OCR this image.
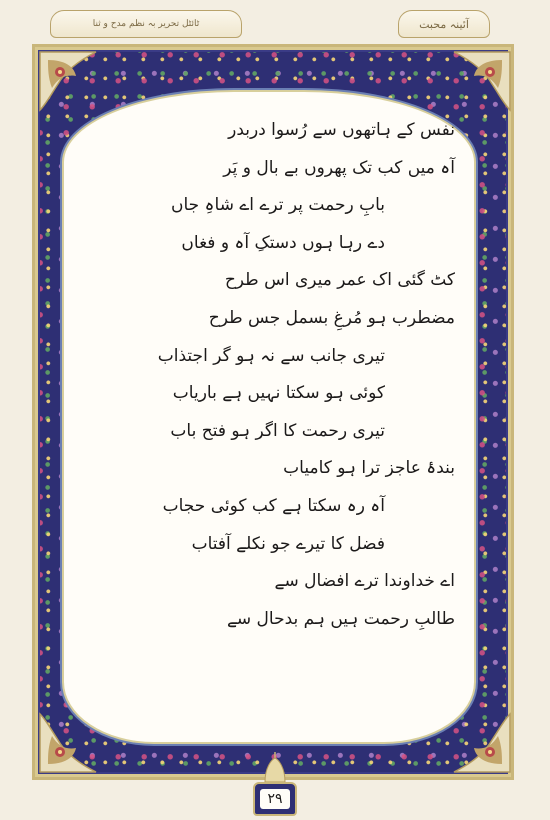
ٹائٹل تحریر بہ نظم مدح و ثنا	آئینہ محبت
نفس کے ہاتھوں سے رُسوا دربدر
آہ میں کب تک پھروں بے بال و پَر
بابِ رحمت پر ترے اے شاہِ جاں
دے رہا ہوں دستکِ آہ و فغاں
کٹ گئی اک عمر میری اس طرح
مضطرب ہو مُرغِ بسمل جس طرح
تیری جانب سے نہ ہو گر اجتذاب
کوئی ہو سکتا نہیں ہے باریاب
تیری رحمت کا اگر ہو فتح باب
بندۂ عاجز ترا ہو کامیاب
آہ رہ سکتا ہے کب کوئی حجاب
فضل کا تیرے جو نکلے آفتاب
اے خداوندا ترے افضال سے
طالبِ رحمت ہیں ہم بدحال سے
۲۹
